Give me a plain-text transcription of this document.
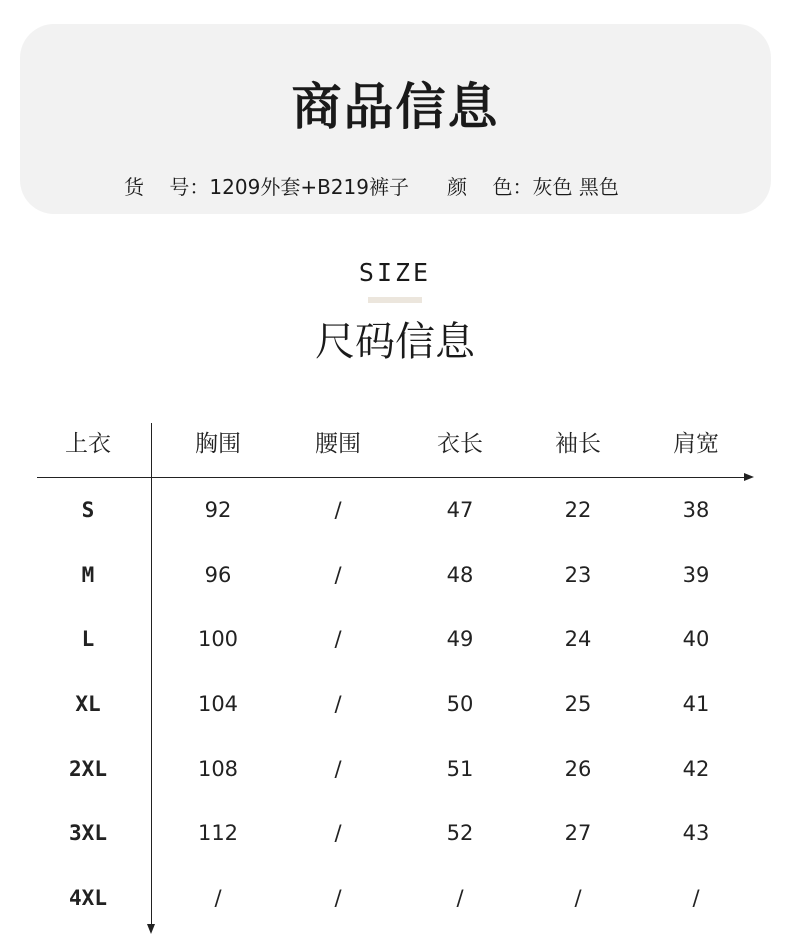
商品信息
货    号：1209外套+B219裤子      颜    色：灰色 黑色
SIZE
尺码信息
上衣	胸围	腰围	衣长	袖长	肩宽
S	92	/	47	22	38
M	96	/	48	23	39
L	100	/	49	24	40
XL	104	/	50	25	41
2XL	108	/	51	26	42
3XL	112	/	52	27	43
4XL	/	/	/	/	/
